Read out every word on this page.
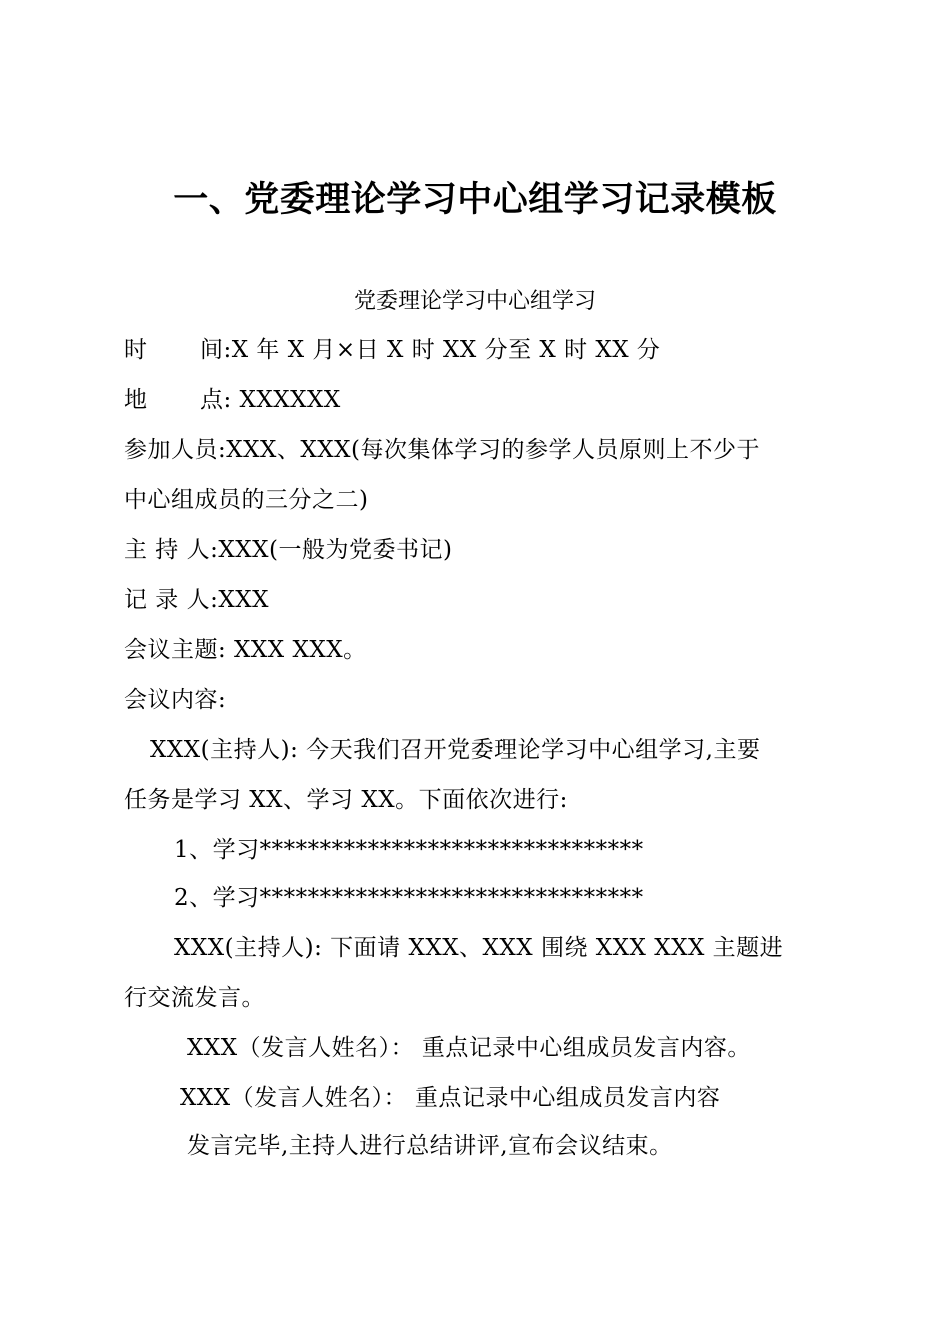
一、党委理论学习中心组学习记录模板
党委理论学习中心组学习
时 间:X 年 X 月×日 X 时 XX 分至 X 时 XX 分
地 点: XXXXXX
参加人员:XXX、XXX(每次集体学习的参学人员原则上不少于
中心组成员的三分之二)
主 持 人:XXX(一般为党委书记)
记 录 人:XXX
会议主题: XXX XXX。
会议内容:
XXX(主持人): 今天我们召开党委理论学习中心组学习,主要
任务是学习 XX、学习 XX。下面依次进行:
1、学习********************************
2、学习********************************
XXX(主持人): 下面请 XXX、XXX 围绕 XXX XXX 主题进
行交流发言。
XXX（发言人姓名）： 重点记录中心组成员发言内容。
XXX（发言人姓名）： 重点记录中心组成员发言内容
发言完毕,主持人进行总结讲评,宣布会议结束。
